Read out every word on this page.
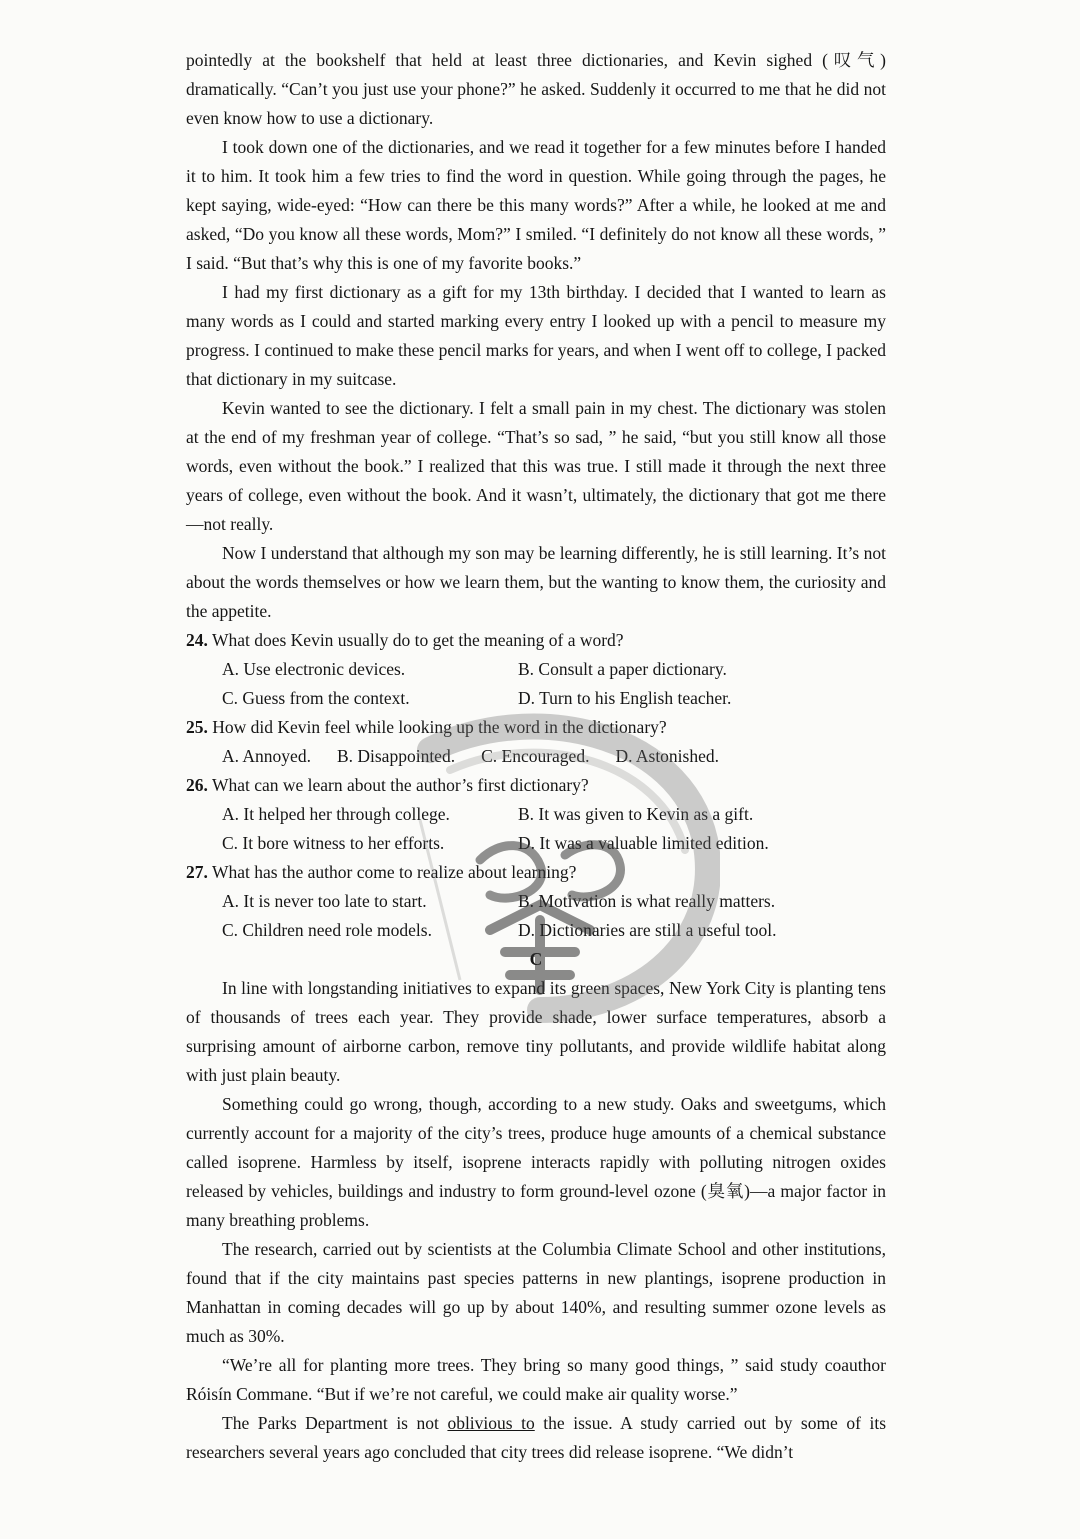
pointedly at the bookshelf that held at least three dictionaries, and Kevin sighed (叹气) dramatically. “Can’t you just use your phone?” he asked. Suddenly it occurred to me that he did not even know how to use a dictionary.

I took down one of the dictionaries, and we read it together for a few minutes before I handed it to him. It took him a few tries to find the word in question. While going through the pages, he kept saying, wide-eyed: “How can there be this many words?” After a while, he looked at me and asked, “Do you know all these words, Mom?” I smiled. “I definitely do not know all these words, ” I said. “But that’s why this is one of my favorite books.”

I had my first dictionary as a gift for my 13th birthday. I decided that I wanted to learn as many words as I could and started marking every entry I looked up with a pencil to measure my progress. I continued to make these pencil marks for years, and when I went off to college, I packed that dictionary in my suitcase.

Kevin wanted to see the dictionary. I felt a small pain in my chest. The dictionary was stolen at the end of my freshman year of college. “That’s so sad, ” he said, “but you still know all those words, even without the book.” I realized that this was true. I still made it through the next three years of college, even without the book. And it wasn’t, ultimately, the dictionary that got me there—not really.

Now I understand that although my son may be learning differently, he is still learning. It’s not about the words themselves or how we learn them, but the wanting to know them, the curiosity and the appetite.

24. What does Kevin usually do to get the meaning of a word?

A. Use electronic devices.	B. Consult a paper dictionary.
C. Guess from the context.	D. Turn to his English teacher.

25. How did Kevin feel while looking up the word in the dictionary?

A. Annoyed. B. Disappointed. C. Encouraged. D. Astonished.

26. What can we learn about the author’s first dictionary?

A. It helped her through college.	B. It was given to Kevin as a gift.
C. It bore witness to her efforts.	D. It was a valuable limited edition.

27. What has the author come to realize about learning?

A. It is never too late to start.	B. Motivation is what really matters.
C. Children need role models.	D. Dictionaries are still a useful tool.

C

In line with longstanding initiatives to expand its green spaces, New York City is planting tens of thousands of trees each year. They provide shade, lower surface temperatures, absorb a surprising amount of airborne carbon, remove tiny pollutants, and provide wildlife habitat along with just plain beauty.

Something could go wrong, though, according to a new study. Oaks and sweetgums, which currently account for a majority of the city’s trees, produce huge amounts of a chemical substance called isoprene. Harmless by itself, isoprene interacts rapidly with polluting nitrogen oxides released by vehicles, buildings and industry to form ground-level ozone (臭氧)—a major factor in many breathing problems.

The research, carried out by scientists at the Columbia Climate School and other institutions, found that if the city maintains past species patterns in new plantings, isoprene production in Manhattan in coming decades will go up by about 140%, and resulting summer ozone levels as much as 30%.

“We’re all for planting more trees. They bring so many good things, ” said study coauthor Róisín Commane. “But if we’re not careful, we could make air quality worse.”

The Parks Department is not oblivious to the issue. A study carried out by some of its researchers several years ago concluded that city trees did release isoprene. “We didn’t
